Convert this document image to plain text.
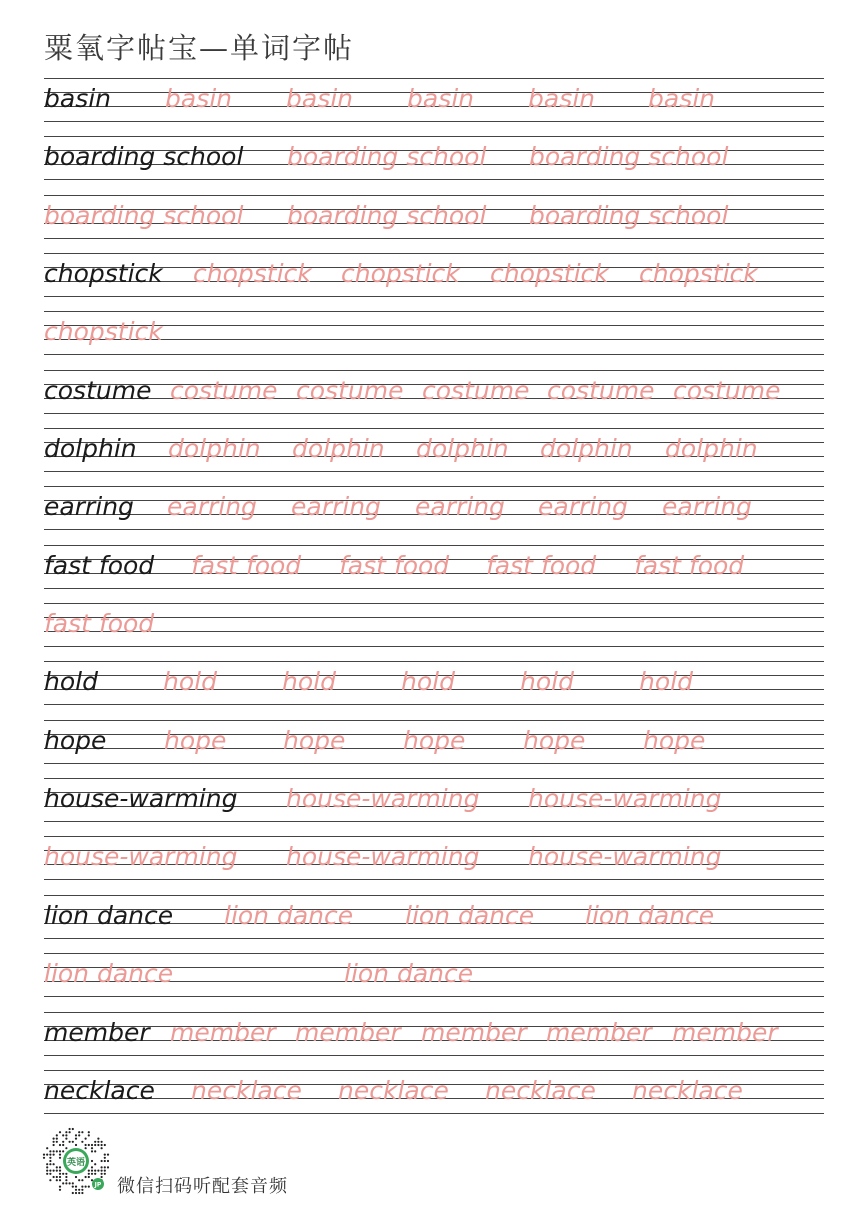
粟氧字帖宝—单词字帖
basin basin basin basin basin basin
boarding school boarding school boarding school
boarding school boarding school boarding school
chopstick chopstick chopstick chopstick chopstick
chopstick
costume costume costume costume costume costume
dolphin dolphin dolphin dolphin dolphin dolphin
earring earring earring earring earring earring
fast food fast food fast food fast food fast food
fast food
hold	hold	hold	hold	hold	hold
hope hope hope hope hope hope
house-warming house-warming house-warming
house-warming house-warming house-warming
lion dance lion dance lion dance lion dance
lion dance	lion dance
member member member member member member
necklace necklace necklace necklace necklace
英语
JP 微信扫码听配套音频
